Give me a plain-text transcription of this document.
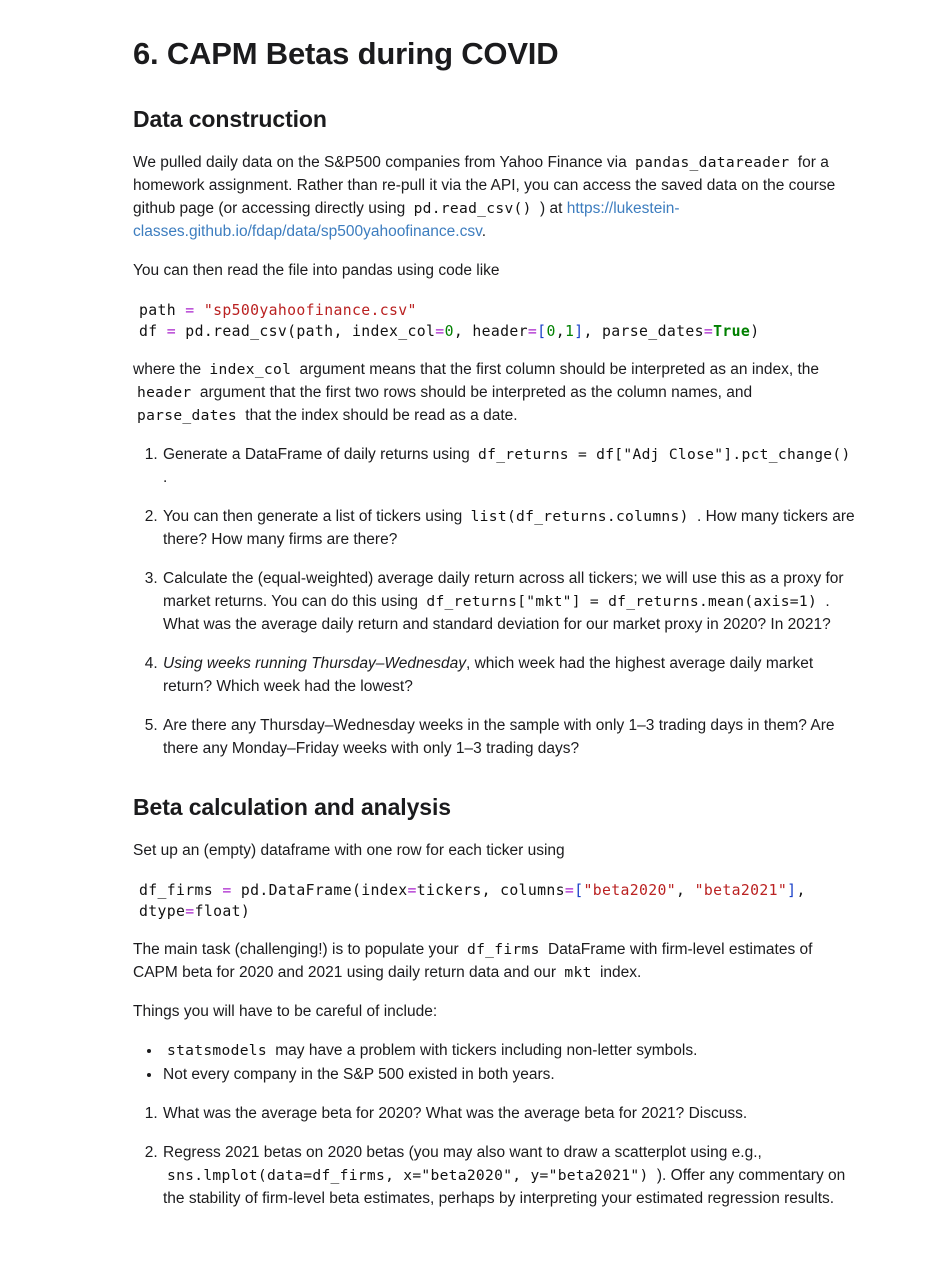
6. CAPM Betas during COVID
Data construction

We pulled daily data on the S&P500 companies from Yahoo Finance via pandas_datareader for a homework assignment. Rather than re-pull it via the API, you can access the saved data on the course github page (or accessing directly using pd.read_csv() ) at https://lukestein-classes.github.io/fdap/data/sp500yahoofinance.csv.

You can then read the file into pandas using code like

path = "sp500yahoofinance.csv"
df = pd.read_csv(path, index_col=0, header=[0,1], parse_dates=True)

where the index_col argument means that the first column should be interpreted as an index, the header argument that the first two rows should be interpreted as the column names, and parse_dates that the index should be read as a date.

1. Generate a DataFrame of daily returns using df_returns = df["Adj Close"].pct_change() .
2. You can then generate a list of tickers using list(df_returns.columns) . How many tickers are there? How many firms are there?
3. Calculate the (equal-weighted) average daily return across all tickers; we will use this as a proxy for market returns. You can do this using df_returns["mkt"] = df_returns.mean(axis=1) . What was the average daily return and standard deviation for our market proxy in 2020? In 2021?
4. Using weeks running Thursday–Wednesday, which week had the highest average daily market return? Which week had the lowest?
5. Are there any Thursday–Wednesday weeks in the sample with only 1–3 trading days in them? Are there any Monday–Friday weeks with only 1–3 trading days?
Beta calculation and analysis

Set up an (empty) dataframe with one row for each ticker using

df_firms = pd.DataFrame(index=tickers, columns=["beta2020", "beta2021"],
dtype=float)

The main task (challenging!) is to populate your df_firms DataFrame with firm-level estimates of CAPM beta for 2020 and 2021 using daily return data and our mkt index.

Things you will have to be careful of include:

• statsmodels may have a problem with tickers including non-letter symbols.
• Not every company in the S&P 500 existed in both years.
1. What was the average beta for 2020? What was the average beta for 2021? Discuss.
2. Regress 2021 betas on 2020 betas (you may also want to draw a scatterplot using e.g., sns.lmplot(data=df_firms, x="beta2020", y="beta2021") ). Offer any commentary on the stability of firm-level beta estimates, perhaps by interpreting your estimated regression results.
